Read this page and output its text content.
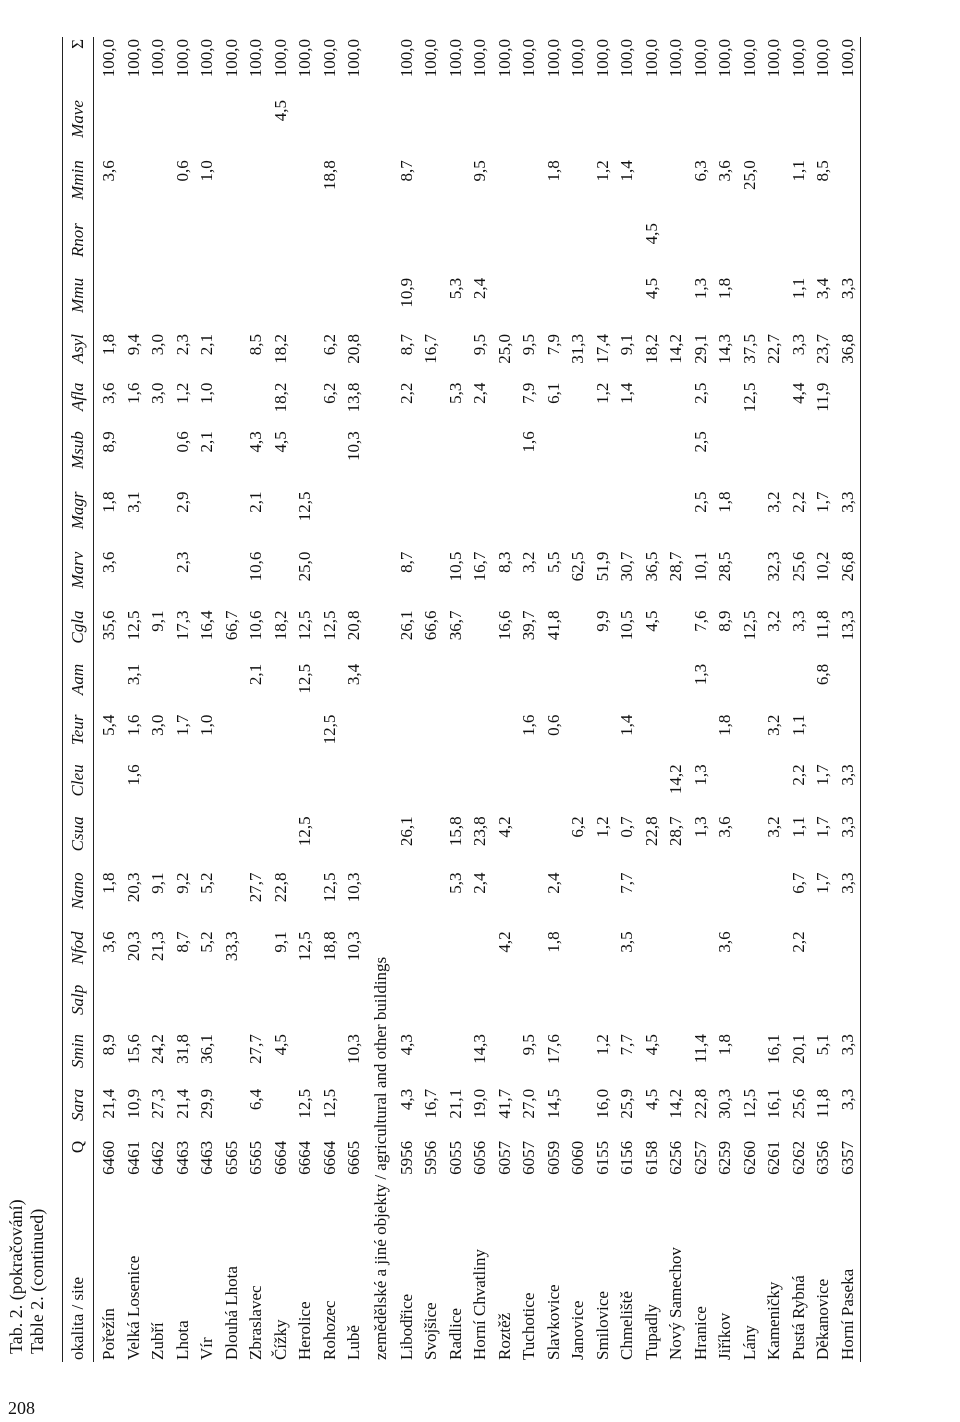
208
Tab. 2. (pokračování) Table 2. (continued) okalita / site	Q	Sara	Smin	Salp	Nfod	Nano	Csua	Cleu	Teur	Aam	Cgla	Marv	Magr	Msub	Afla	Asyl	Mmu	Rnor	Mmin	Mave	Σ
Pořežín	6460	21,4	8,9		3,6	1,8			5,4		35,6	3,6	1,8	8,9	3,6	1,8			3,6		100,0
Velká Losenice	6461	10,9	15,6		20,3	20,3		1,6	1,6	3,1	12,5		3,1		1,6	9,4					100,0
Zubří	6462	27,3	24,2		21,3	9,1			3,0		9,1				3,0	3,0					100,0
Lhota	6463	21,4	31,8		8,7	9,2			1,7		17,3	2,3	2,9	0,6	1,2	2,3			0,6		100,0
Vír	6463	29,9	36,1		5,2	5,2			1,0		16,4			2,1	1,0	2,1			1,0		100,0
Dlouhá Lhota	6565				33,3						66,7										100,0
Zbraslavec	6565	6,4	27,7			27,7				2,1	10,6	10,6	2,1	4,3		8,5					100,0
Čížky	6664		4,5		9,1	22,8					18,2			4,5	18,2	18,2				4,5	100,0
Herolice	6664	12,5			12,5		12,5			12,5	12,5	25,0	12,5								100,0
Rohozec	6664	12,5			18,8	12,5			12,5		12,5				6,2	6,2			18,8		100,0
Lubě	6665		10,3		10,3	10,3				3,4	20,8			10,3	13,8	20,8					100,0
zemědělské a jiné objekty / agricultural and other buildings																					
Libodřice	5956	4,3	4,3				26,1				26,1	8,7			2,2	8,7	10,9		8,7		100,0
Svojšice	5956	16,7									66,6					16,7					100,0
Radlice	6055	21,1				5,3	15,8				36,7	10,5			5,3		5,3				100,0
Horní Chvatliny	6056	19,0	14,3			2,4	23,8					16,7			2,4	9,5	2,4		9,5		100,0
Roztěž	6057	41,7			4,2		4,2				16,6	8,3				25,0					100,0
Tuchotice	6057	27,0	9,5						1,6		39,7	3,2		1,6	7,9	9,5					100,0
Slavkovice	6059	14,5	17,6		1,8	2,4			0,6		41,8	5,5			6,1	7,9			1,8		100,0
Janovice	6060						6,2					62,5				31,3					100,0
Smilovice	6155	16,0	1,2				1,2				9,9	51,9			1,2	17,4			1,2		100,0
Chmeliště	6156	25,9	7,7		3,5	7,7	0,7		1,4		10,5	30,7			1,4	9,1			1,4		100,0
Tupadly	6158	4,5	4,5				22,8				4,5	36,5				18,2	4,5	4,5			100,0
Nový Samechov	6256	14,2					28,7	14,2				28,7				14,2					100,0
Hranice	6257	22,8	11,4				1,3	1,3		1,3	7,6	10,1	2,5	2,5	2,5	29,1	1,3		6,3		100,0
Jiříkov	6259	30,3	1,8		3,6		3,6		1,8		8,9	28,5	1,8			14,3	1,8		3,6		100,0
Lány	6260	12,5									12,5				12,5	37,5			25,0		100,0
Kameničky	6261	16,1	16,1				3,2		3,2		3,2	32,3	3,2			22,7					100,0
Pustá Rybná	6262	25,6	20,1		2,2	6,7	1,1	2,2	1,1		3,3	25,6	2,2		4,4	3,3	1,1		1,1		100,0
Děkanovice	6356	11,8	5,1			1,7	1,7	1,7		6,8	11,8	10,2	1,7		11,9	23,7	3,4		8,5		100,0
Horní Paseka	6357	3,3	3,3			3,3	3,3	3,3			13,3	26,8	3,3			36,8	3,3				100,0
